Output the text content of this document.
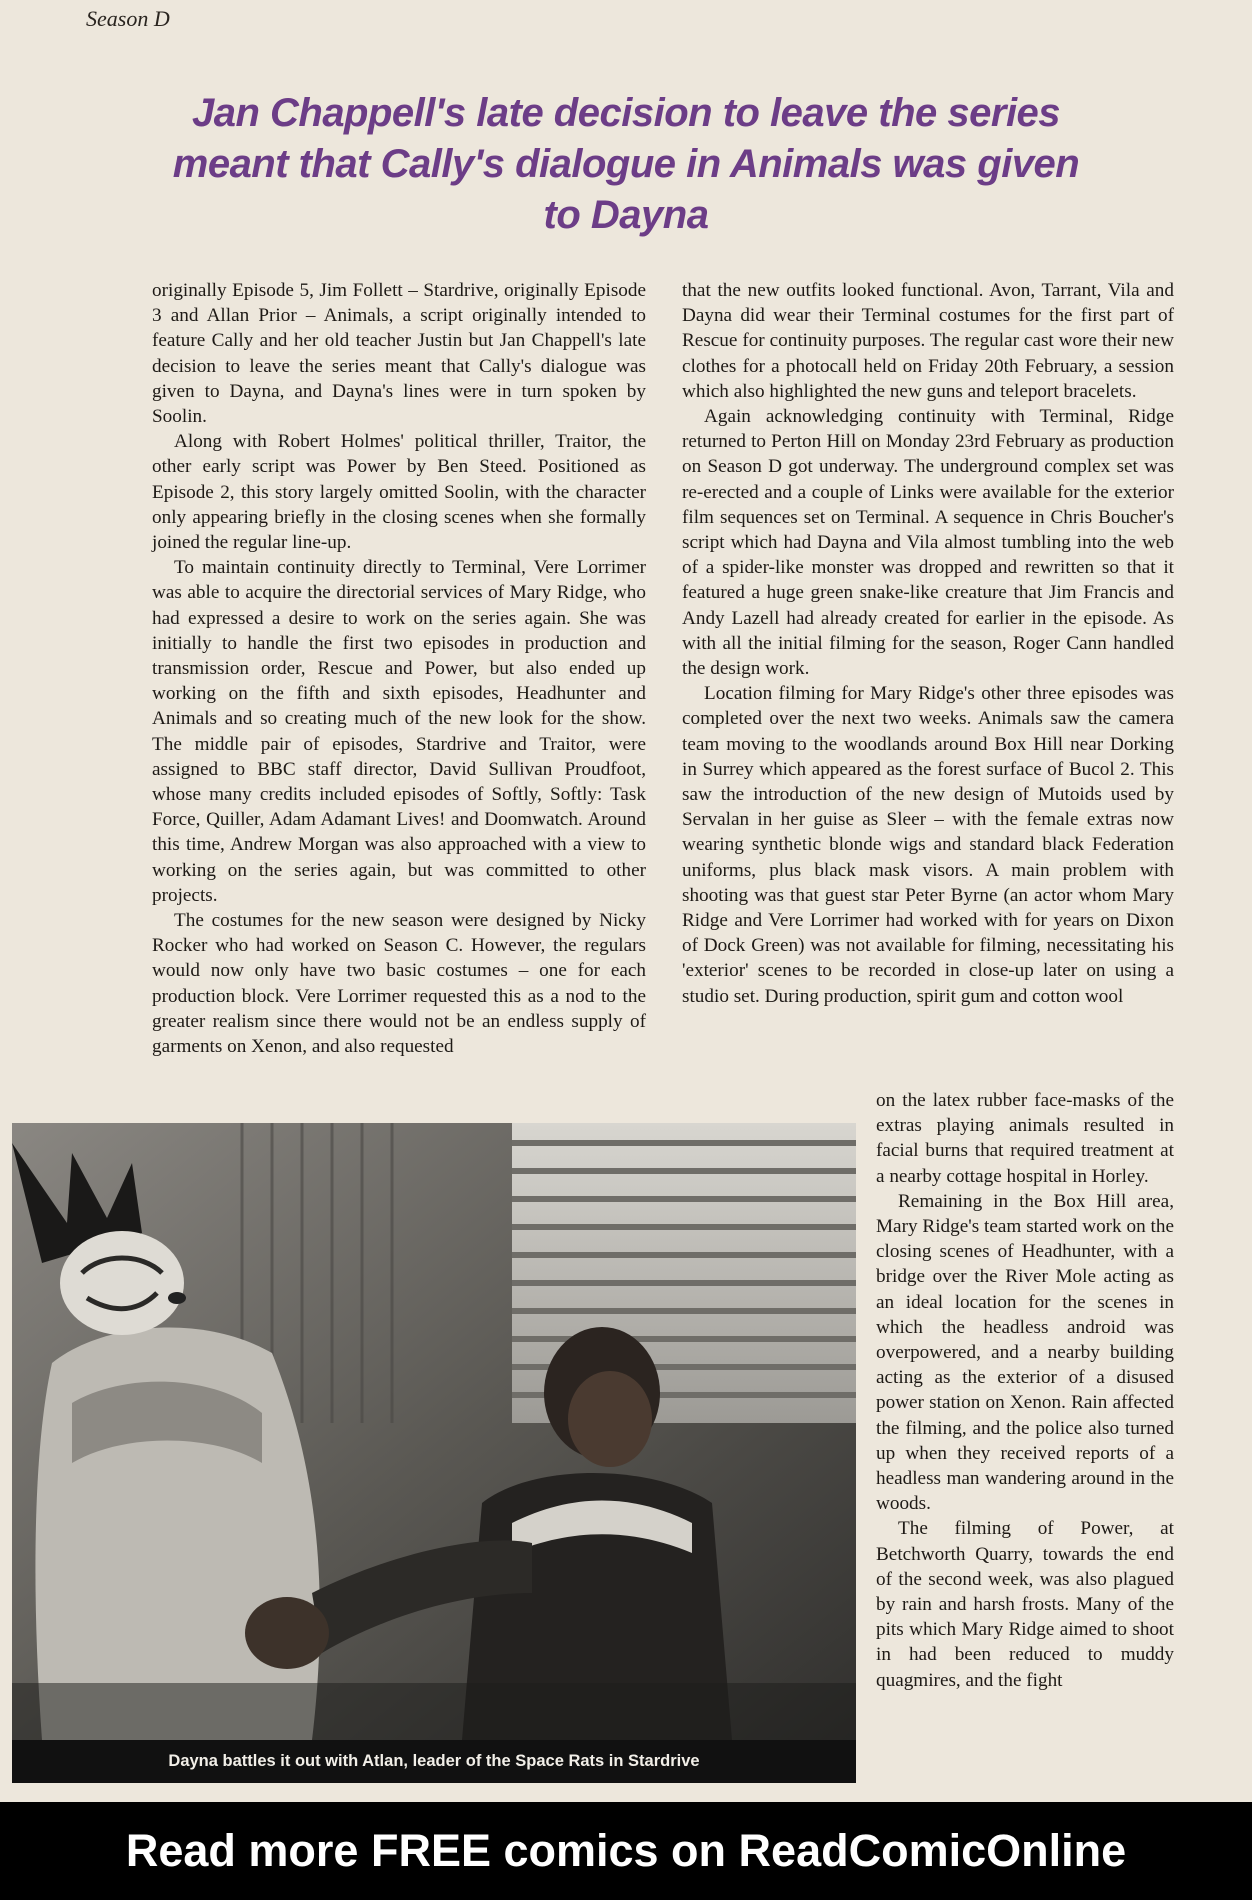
Season D
Jan Chappell's late decision to leave the series meant that Cally's dialogue in Animals was given to Dayna

originally Episode 5, Jim Follett – Stardrive, originally Episode 3 and Allan Prior – Animals, a script originally intended to feature Cally and her old teacher Justin but Jan Chappell's late decision to leave the series meant that Cally's dialogue was given to Dayna, and Dayna's lines were in turn spoken by Soolin.

Along with Robert Holmes' political thriller, Traitor, the other early script was Power by Ben Steed. Positioned as Episode 2, this story largely omitted Soolin, with the character only appearing briefly in the closing scenes when she formally joined the regular line-up.

To maintain continuity directly to Terminal, Vere Lorrimer was able to acquire the directorial services of Mary Ridge, who had expressed a desire to work on the series again. She was initially to handle the first two episodes in production and transmission order, Rescue and Power, but also ended up working on the fifth and sixth episodes, Headhunter and Animals and so creating much of the new look for the show. The middle pair of episodes, Stardrive and Traitor, were assigned to BBC staff director, David Sullivan Proudfoot, whose many credits included episodes of Softly, Softly: Task Force, Quiller, Adam Adamant Lives! and Doomwatch. Around this time, Andrew Morgan was also approached with a view to working on the series again, but was committed to other projects.

The costumes for the new season were designed by Nicky Rocker who had worked on Season C. However, the regulars would now only have two basic costumes – one for each production block. Vere Lorrimer requested this as a nod to the greater realism since there would not be an endless supply of garments on Xenon, and also requested

that the new outfits looked functional. Avon, Tarrant, Vila and Dayna did wear their Terminal costumes for the first part of Rescue for continuity purposes. The regular cast wore their new clothes for a photocall held on Friday 20th February, a session which also highlighted the new guns and teleport bracelets.

Again acknowledging continuity with Terminal, Ridge returned to Perton Hill on Monday 23rd February as production on Season D got underway. The underground complex set was re-erected and a couple of Links were available for the exterior film sequences set on Terminal. A sequence in Chris Boucher's script which had Dayna and Vila almost tumbling into the web of a spider-like monster was dropped and rewritten so that it featured a huge green snake-like creature that Jim Francis and Andy Lazell had already created for earlier in the episode. As with all the initial filming for the season, Roger Cann handled the design work.

Location filming for Mary Ridge's other three episodes was completed over the next two weeks. Animals saw the camera team moving to the woodlands around Box Hill near Dorking in Surrey which appeared as the forest surface of Bucol 2. This saw the introduction of the new design of Mutoids used by Servalan in her guise as Sleer – with the female extras now wearing synthetic blonde wigs and standard black Federation uniforms, plus black mask visors. A main problem with shooting was that guest star Peter Byrne (an actor whom Mary Ridge and Vere Lorrimer had worked with for years on Dixon of Dock Green) was not available for filming, necessitating his 'exterior' scenes to be recorded in close-up later on using a studio set. During production, spirit gum and cotton wool

on the latex rubber face-masks of the extras playing animals resulted in facial burns that required treatment at a nearby cottage hospital in Horley.

Remaining in the Box Hill area, Mary Ridge's team started work on the closing scenes of Headhunter, with a bridge over the River Mole acting as an ideal location for the scenes in which the headless android was overpowered, and a nearby building acting as the exterior of a disused power station on Xenon. Rain affected the filming, and the police also turned up when they received reports of a headless man wandering around in the woods.

The filming of Power, at Betchworth Quarry, towards the end of the second week, was also plagued by rain and harsh frosts. Many of the pits which Mary Ridge aimed to shoot in had been reduced to muddy quagmires, and the fight

Dayna battles it out with Atlan, leader of the Space Rats in Stardrive
Read more FREE comics on ReadComicOnline
